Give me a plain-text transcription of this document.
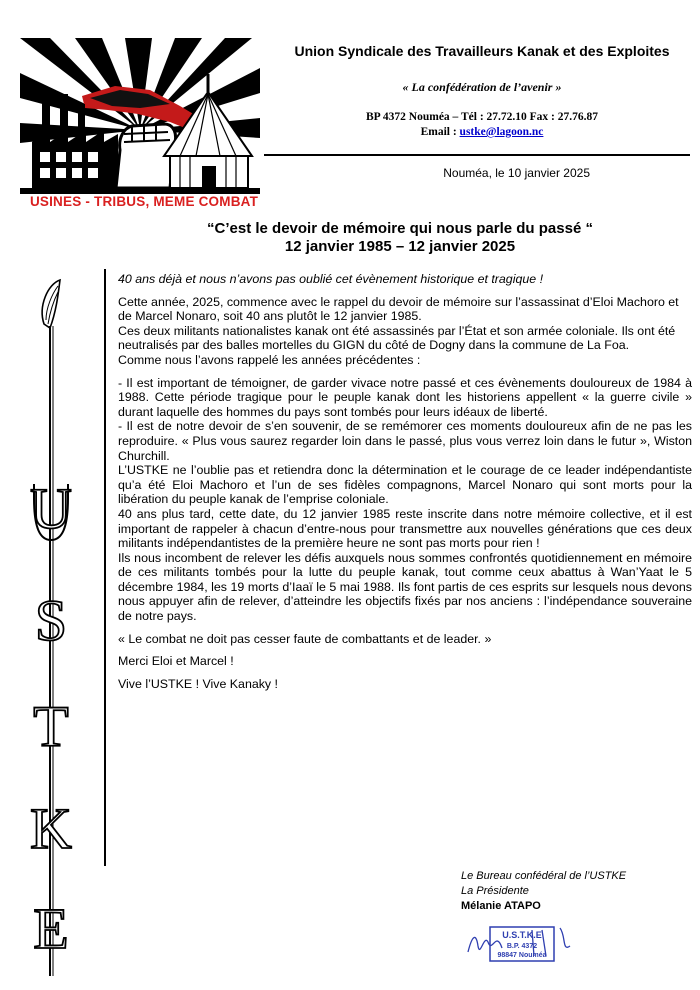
USINES - TRIBUS, MEME COMBAT
Union Syndicale des Travailleurs Kanak et des Exploites
« La confédération de l’avenir »
BP 4372 Nouméa – Tél : 27.72.10 Fax : 27.76.87
Email : ustke@lagoon.nc
Nouméa, le 10 janvier 2025
“C’est le devoir de mémoire qui nous parle du passé “
12 janvier 1985 – 12 janvier 2025
U
S
T
K
E

40 ans déjà et nous n’avons pas oublié cet évènement historique et tragique !

Cette année, 2025, commence avec le rappel du devoir de mémoire sur l’assassinat d’Eloi Machoro et de Marcel Nonaro, soit 40 ans plutôt le 12 janvier 1985.

Ces deux militants nationalistes kanak ont été assassinés par l’État et son armée coloniale. Ils ont été neutralisés par des balles mortelles du GIGN du côté de Dogny dans la commune de La Foa.

Comme nous l’avons rappelé les années précédentes :

- Il est important de témoigner, de garder vivace notre passé et ces évènements douloureux de 1984 à 1988. Cette période tragique pour le peuple kanak dont les historiens appellent « la guerre civile » durant laquelle des hommes du pays sont tombés pour leurs idéaux de liberté.

- Il est de notre devoir de s’en souvenir, de se remémorer ces moments douloureux afin de ne pas les reproduire. « Plus vous saurez regarder loin dans le passé, plus vous verrez loin dans le futur », Wiston Churchill.

L’USTKE ne l’oublie pas et retiendra donc la détermination et le courage de ce leader indépendantiste qu’a été Eloi Machoro et l’un de ses fidèles compagnons, Marcel Nonaro qui sont morts pour la libération du peuple kanak de l’emprise coloniale.

40 ans plus tard, cette date, du 12 janvier 1985 reste inscrite dans notre mémoire collective, et il est important de rappeler à chacun d’entre-nous pour transmettre aux nouvelles générations que ces deux militants indépendantistes de la première heure ne sont pas morts pour rien !

Ils nous incombent de relever les défis auxquels nous sommes confrontés quotidiennement en mémoire de ces militants tombés pour la lutte du peuple kanak, tout comme ceux abattus à Wan’Yaat le 5 décembre 1984, les 19 morts d’Iaaï le 5 mai 1988. Ils font partis de ces esprits sur lesquels nous devons nous appuyer afin de relever, d’atteindre les objectifs fixés par nos anciens : l’indépendance souveraine de notre pays.

« Le combat ne doit pas cesser faute de combattants et de leader. »

Merci Eloi et Marcel !

Vive l’USTKE ! Vive Kanaky !

Le Bureau confédéral de l’USTKE
La Présidente
Mélanie ATAPO
U.S.T.K.E
B.P. 4372
98847 Nouméa
